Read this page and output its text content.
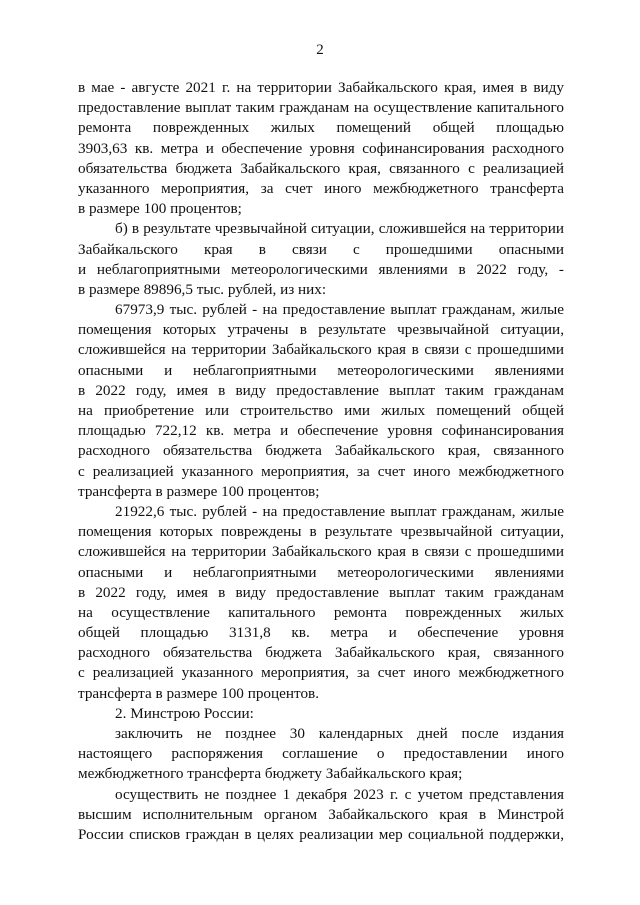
2
в мае - августе 2021 г. на территории Забайкальского края, имея в виду
предоставление выплат таким гражданам на осуществление капитального
ремонта поврежденных жилых помещений общей площадью
3903,63 кв. метра и обеспечение уровня софинансирования расходного
обязательства бюджета Забайкальского края, связанного с реализацией
указанного мероприятия, за счет иного межбюджетного трансферта
в размере 100 процентов;
б) в результате чрезвычайной ситуации, сложившейся на территории
Забайкальского края в связи с прошедшими опасными
и неблагоприятными метеорологическими явлениями в 2022 году, -
в размере 89896,5 тыс. рублей, из них:
67973,9 тыс. рублей - на предоставление выплат гражданам, жилые
помещения которых утрачены в результате чрезвычайной ситуации,
сложившейся на территории Забайкальского края в связи с прошедшими
опасными и неблагоприятными метеорологическими явлениями
в 2022 году, имея в виду предоставление выплат таким гражданам
на приобретение или строительство ими жилых помещений общей
площадью 722,12 кв. метра и обеспечение уровня софинансирования
расходного обязательства бюджета Забайкальского края, связанного
с реализацией указанного мероприятия, за счет иного межбюджетного
трансферта в размере 100 процентов;
21922,6 тыс. рублей - на предоставление выплат гражданам, жилые
помещения которых повреждены в результате чрезвычайной ситуации,
сложившейся на территории Забайкальского края в связи с прошедшими
опасными и неблагоприятными метеорологическими явлениями
в 2022 году, имея в виду предоставление выплат таким гражданам
на осуществление капитального ремонта поврежденных жилых
общей площадью 3131,8 кв. метра и обеспечение уровня
расходного обязательства бюджета Забайкальского края, связанного
с реализацией указанного мероприятия, за счет иного межбюджетного
трансферта в размере 100 процентов.
2. Минстрою России:
заключить не позднее 30 календарных дней после издания
настоящего распоряжения соглашение о предоставлении иного
межбюджетного трансферта бюджету Забайкальского края;
осуществить не позднее 1 декабря 2023 г. с учетом представления
высшим исполнительным органом Забайкальского края в Минстрой
России списков граждан в целях реализации мер социальной поддержки,
